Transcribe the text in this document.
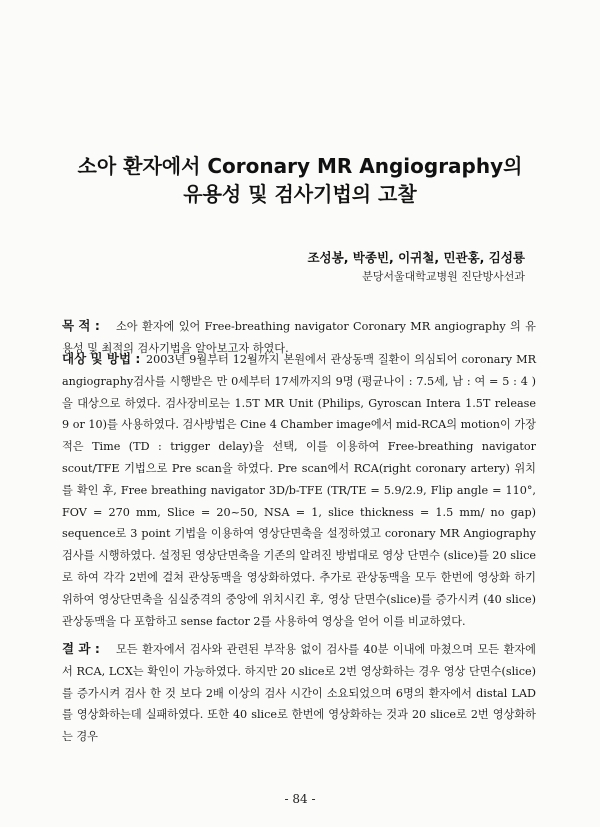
소아 환자에서 Coronary MR Angiography의
유용성 및 검사기법의 고찰
조성봉, 박종빈, 이귀철, 민관홍, 김성룡
분당서울대학교병원 진단방사선과
목 적 :	소아 환자에 있어 Free-breathing navigator Coronary MR angiography 의 유용성 및 최적의 검사기법을 알아보고자 하였다.
대상 및 방법 : 2003년 9월부터 12월까지 본원에서 관상동맥 질환이 의심되어 coronary MR angiography검사를 시행받은 만 0세부터 17세까지의 9명 (평균나이 : 7.5세, 남 : 여 = 5 : 4 )을 대상으로 하였다. 검사장비로는 1.5T MR Unit (Philips, Gyroscan Intera 1.5T release 9 or 10)를 사용하였다. 검사방법은 Cine 4 Chamber image에서 mid-RCA의 motion이 가장 적은 Time (TD : trigger delay)을 선택, 이를 이용하여 Free-breathing navigator scout/TFE 기법으로 Pre scan을 하였다. Pre scan에서 RCA(right coronary artery) 위치를 확인 후, Free breathing navigator 3D/b-TFE (TR/TE = 5.9/2.9, Flip angle = 110°, FOV = 270 mm, Slice = 20~50, NSA = 1, slice thickness = 1.5 mm/ no gap) sequence로 3 point 기법을 이용하여 영상단면축을 설정하였고 coronary MR Angiography검사를 시행하였다. 설정된 영상단면축을 기존의 알려진 방법대로 영상 단면수 (slice)를 20 slice로 하여 각각 2번에 걸쳐 관상동맥을 영상화하였다. 추가로 관상동맥을 모두 한번에 영상화 하기 위하여 영상단면축을 심실중격의 중앙에 위치시킨 후, 영상 단면수(slice)를 증가시켜 (40 slice)관상동맥을 다 포함하고 sense factor 2를 사용하여 영상을 얻어 이를 비교하였다.
결 과 :	모든 환자에서 검사와 관련된 부작용 없이 검사를 40분 이내에 마쳤으며 모든 환자에서 RCA, LCX는 확인이 가능하였다. 하지만 20 slice로 2번 영상화하는 경우 영상 단면수(slice)를 증가시켜 검사 한 것 보다 2배 이상의 검사 시간이 소요되었으며 6명의 환자에서 distal LAD를 영상화하는데 실패하였다. 또한 40 slice로 한번에 영상화하는 것과 20 slice로 2번 영상화하는 경우
- 84 -
